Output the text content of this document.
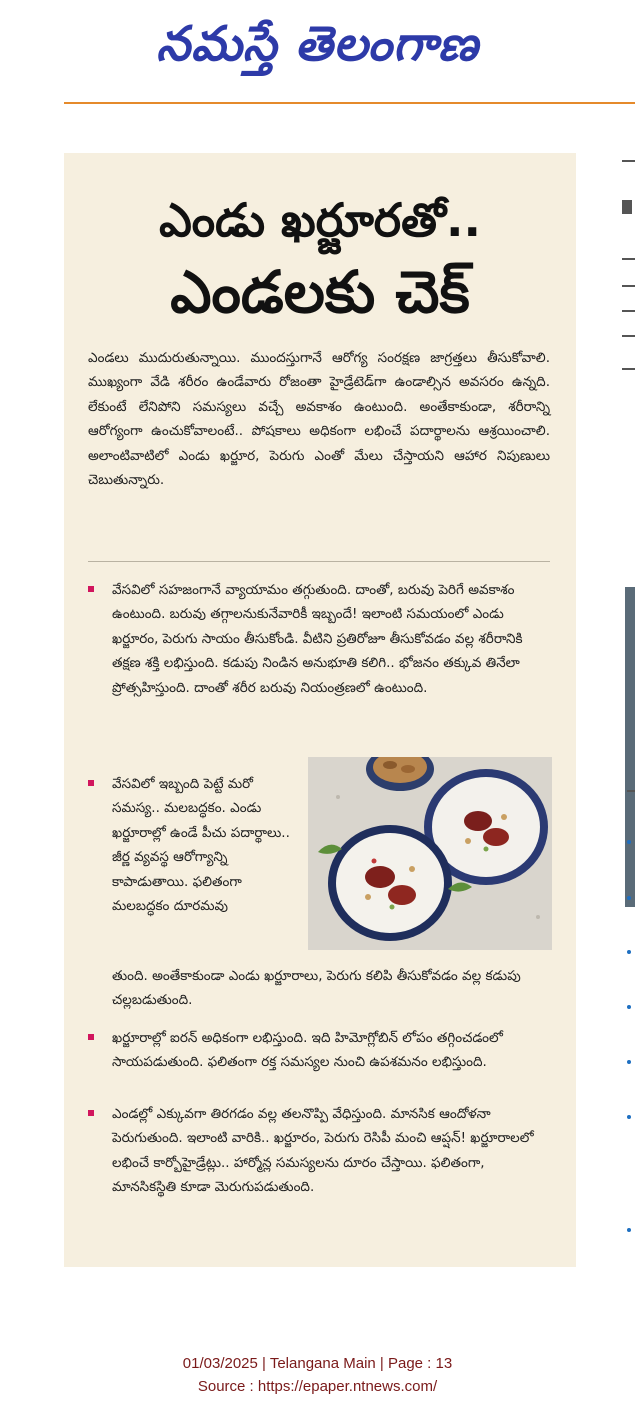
నమస్తే తెలంగాణ
ఎండు ఖర్జూరతో..
ఎండలకు చెక్
ఎండలు ముదురుతున్నాయి. ముందస్తుగానే ఆరోగ్య సంరక్షణ జాగ్రత్తలు తీసుకోవాలి. ముఖ్యంగా వేడి శరీరం ఉండేవారు రోజంతా హైడ్రేటెడ్‌గా ఉండాల్సిన అవసరం ఉన్నది. లేకుంటే లేనిపోని సమస్యలు వచ్చే అవకాశం ఉంటుంది. అంతేకాకుండా, శరీరాన్ని ఆరోగ్యంగా ఉంచుకోవాలంటే.. పోషకాలు అధికంగా లభించే పదార్థాలను ఆశ్రయించాలి. అలాంటివాటిలో ఎండు ఖర్జూర, పెరుగు ఎంతో మేలు చేస్తాయని ఆహార నిపుణులు చెబుతున్నారు.
వేసవిలో సహజంగానే వ్యాయామం తగ్గుతుంది. దాంతో, బరువు పెరిగే అవకాశం ఉంటుంది. బరువు తగ్గాలనుకునేవారికీ ఇబ్బందే! ఇలాంటి సమయంలో ఎండు ఖర్జూరం, పెరుగు సాయం తీసుకోండి. వీటిని ప్రతిరోజూ తీసుకోవడం వల్ల శరీరానికి తక్షణ శక్తి లభిస్తుంది. కడుపు నిండిన అనుభూతి కలిగి.. భోజనం తక్కువ తినేలా ప్రోత్సహిస్తుంది. దాంతో శరీర బరువు నియంత్రణలో ఉంటుంది.
వేసవిలో ఇబ్బంది పెట్టే మరో సమస్య.. మలబద్ధకం. ఎండు ఖర్జూరాల్లో ఉండే పీచు పదార్థాలు.. జీర్ణ వ్యవస్థ ఆరోగ్యాన్ని కాపాడుతాయి. ఫలితంగా మలబద్ధకం దూరమవు
ఖర్జూరాల్లో ఐరన్ అధికంగా లభిస్తుంది. ఇది హిమోగ్లోబిన్ లోపం తగ్గించడంలో సాయపడుతుంది. ఫలితంగా రక్త సమస్యల నుంచి ఉపశమనం లభిస్తుంది.
ఎండల్లో ఎక్కువగా తిరగడం వల్ల తలనొప్పి వేధిస్తుంది. మానసిక ఆందోళనా పెరుగుతుంది. ఇలాంటి వారికి.. ఖర్జూరం, పెరుగు రెసిపీ మంచి ఆప్షన్! ఖర్జూరాలలో లభించే కార్బోహైడ్రేట్లు.. హార్మోన్ల సమస్యలను దూరం చేస్తాయి. ఫలితంగా, మానసికస్థితి కూడా మెరుగుపడుతుంది.
తుంది. అంతేకాకుండా ఎండు ఖర్జూరాలు, పెరుగు కలిపి తీసుకోవడం వల్ల కడుపు చల్లబడుతుంది.
01/03/2025 | Telangana Main | Page : 13
Source : https://epaper.ntnews.com/
